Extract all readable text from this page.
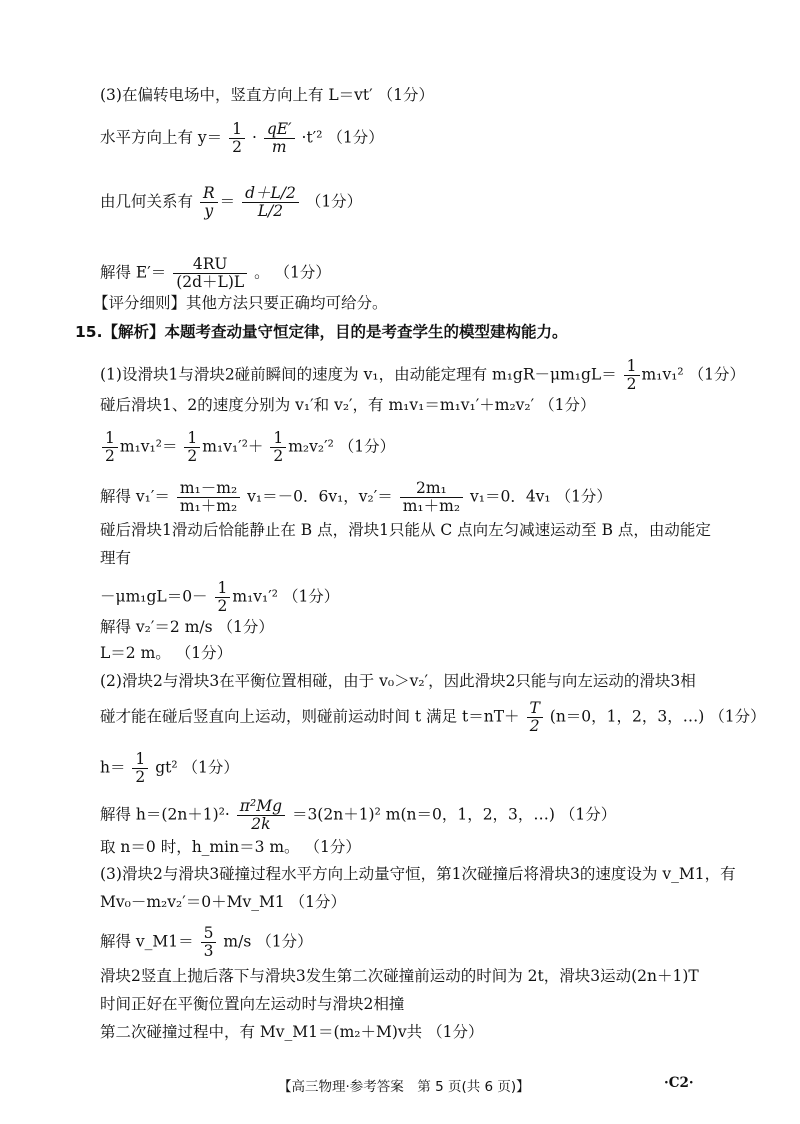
(3)在偏转电场中，竖直方向上有 L＝vt′ （1分）
水平方向上有 $y= \frac{1}{2} \cdot \frac{qE'}{m} \cdot t'^2$ （1分）
由几何关系有 $\frac{R}{y} = \frac{d+L/2}{L/2} (1$分）
解得 $E'= \frac{4RU}{(2d+L)L}$ 。 （1分）
【评分细则】其他方法只要正确均可给分。
15.【解析】本题考查动量守恒定律，目的是考查学生的模型建构能力。
(1)设滑块1与滑块2碰前瞬间的速度为 v₁，由动能定理有 $m_1gR-\mu m_1gL= \frac{1}{2} m_1v_1^2$ （1分）
碰后滑块1、2的速度分别为 v₁′和 v₂′，有 m₁v₁＝m₁v₁′＋m₂v₂′ （1分）
$\frac{1}{2} m_1v_1^2= \frac{1}{2} m_1v_1'^2+ \frac{1}{2} m_2v_2'^2$ （1分）
解得 $v_1'= \frac{\text{m₁－m₂}}{\text{m₁＋m₂}} v_1=-0$．6v₁，$v_2'= \frac{\text{2m₁}}{\text{m₁＋m₂}} v_1=0$．4v₁ （1分）
碰后滑块1滑动后恰能静止在 B 点，滑块1只能从 C 点向左匀减速运动至 B 点，由动能定
理有
$-\mu m_1gL=0- \frac{1}{2} m_1v_1'^2$ （1分）
解得 v₂′＝2 m/s （1分）
L＝2 m。 （1分）
(2)滑块2与滑块3在平衡位置相碰，由于 v₀＞v₂′，因此滑块2只能与向左运动的滑块3相
碰才能在碰后竖直向上运动，则碰前运动时间 t 满足 $t=nT+ \frac{T}{2} (n=0$，1，2，3，…) （1分）
$h= \frac{1}{2} gt^2$ （1分）
解得 $h=(2n+1)^2\cdot \frac{\text{π²Mg}}{2k} =3(2n+1)^2$ m(n＝0，1，2，3，…) （1分）
取 n＝0 时，h_min＝3 m。 （1分）
(3)滑块2与滑块3碰撞过程水平方向上动量守恒，第1次碰撞后将滑块3的速度设为 v_M1，有
Mv₀－m₂v₂′＝0＋Mv_M1 （1分）
解得 v_M1＝ $\frac{5}{3} m/s$ （1分）
滑块2竖直上抛后落下与滑块3发生第二次碰撞前运动的时间为 2t，滑块3运动(2n＋1)T
时间正好在平衡位置向左运动时与滑块2相撞
第二次碰撞过程中，有 Mv_M1＝(m₂＋M)v共 （1分）
【高三物理·参考答案　第 5 页(共 6 页)】	·C2·
